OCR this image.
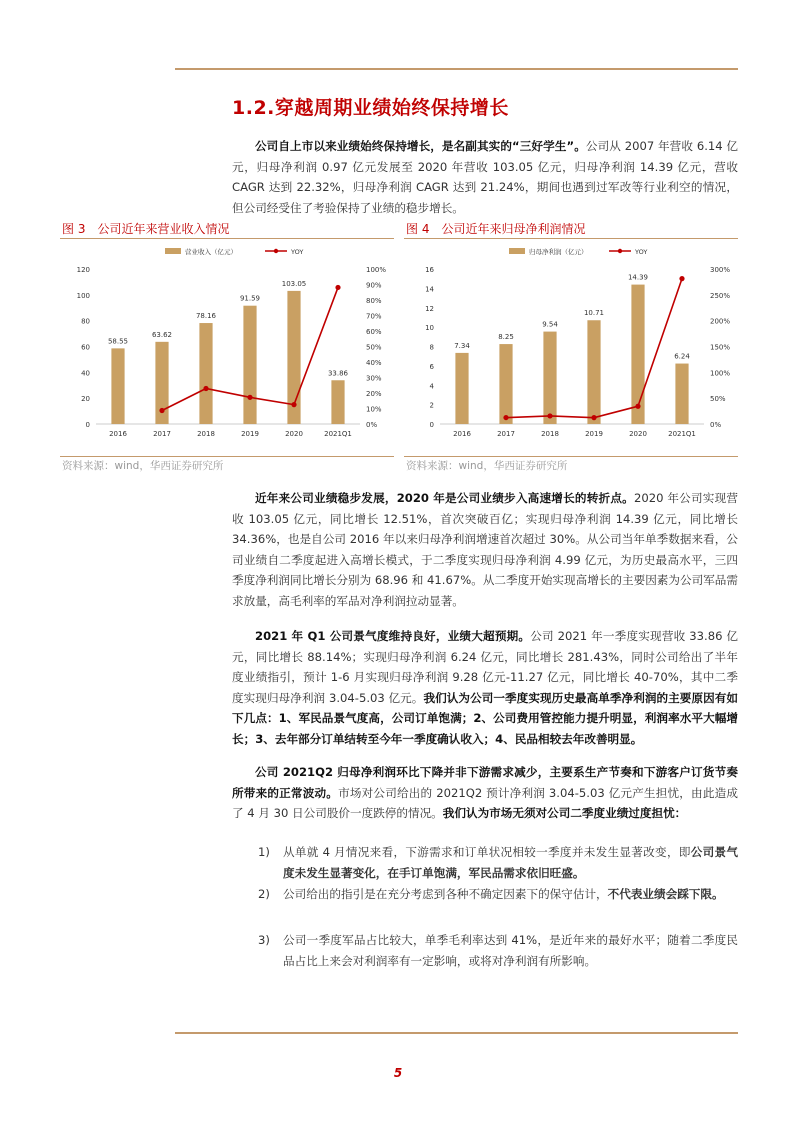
1.2.穿越周期业绩始终保持增长

公司自上市以来业绩始终保持增长，是名副其实的“三好学生”。公司从 2007 年营收 6.14 亿元，归母净利润 0.97 亿元发展至 2020 年营收 103.05 亿元，归母净利润 14.39 亿元，营收 CAGR 达到 22.32%，归母净利润 CAGR 达到 21.24%，期间也遇到过军改等行业利空的情况，但公司经受住了考验保持了业绩的稳步增长。

图 3　公司近年来营业收入情况
0
20
40
60
80
100
120
0%
10%
20%
30%
40%
50%
60%
70%
80%
90%
100%
58.55
2016
63.62
2017
78.16
2018
91.59
2019
103.05
2020
33.86
2021Q1
营业收入（亿元）	YOY
资料来源：wind，华西证券研究所
图 4　公司近年来归母净利润情况
0
2
4
6
8
10
12
14
16
0%
50%
100%
150%
200%
250%
300%
7.34
2016
8.25
2017
9.54
2018
10.71
2019
14.39
2020
6.24
2021Q1
归母净利润（亿元）	YOY
资料来源：wind，华西证券研究所

近年来公司业绩稳步发展，2020 年是公司业绩步入高速增长的转折点。2020 年公司实现营收 103.05 亿元，同比增长 12.51%，首次突破百亿；实现归母净利润 14.39 亿元，同比增长 34.36%，也是自公司 2016 年以来归母净利润增速首次超过 30%。从公司当年单季数据来看，公司业绩自二季度起进入高增长模式，于二季度实现归母净利润 4.99 亿元，为历史最高水平，三四季度净利润同比增长分别为 68.96 和 41.67%。从二季度开始实现高增长的主要因素为公司军品需求放量，高毛利率的军品对净利润拉动显著。

2021 年 Q1 公司景气度维持良好，业绩大超预期。公司 2021 年一季度实现营收 33.86 亿元，同比增长 88.14%；实现归母净利润 6.24 亿元，同比增长 281.43%，同时公司给出了半年度业绩指引，预计 1-6 月实现归母净利润 9.28 亿元-11.27 亿元，同比增长 40-70%，其中二季度实现归母净利润 3.04-5.03 亿元。我们认为公司一季度实现历史最高单季净利润的主要原因有如下几点：1、军民品景气度高，公司订单饱满；2、公司费用管控能力提升明显，利润率水平大幅增长；3、去年部分订单结转至今年一季度确认收入；4、民品相较去年改善明显。

公司 2021Q2 归母净利润环比下降并非下游需求减少，主要系生产节奏和下游客户订货节奏所带来的正常波动。市场对公司给出的 2021Q2 预计净利润 3.04-5.03 亿元产生担忧，由此造成了 4 月 30 日公司股价一度跌停的情况。我们认为市场无须对公司二季度业绩过度担忧：

1) 从单就 4 月情况来看，下游需求和订单状况相较一季度并未发生显著改变，即公司景气度未发生显著变化，在手订单饱满，军民品需求依旧旺盛。
2) 公司给出的指引是在充分考虑到各种不确定因素下的保守估计，不代表业绩会踩下限。
3) 公司一季度军品占比较大，单季毛利率达到 41%，是近年来的最好水平；随着二季度民品占比上来会对利润率有一定影响，或将对净利润有所影响。
5
